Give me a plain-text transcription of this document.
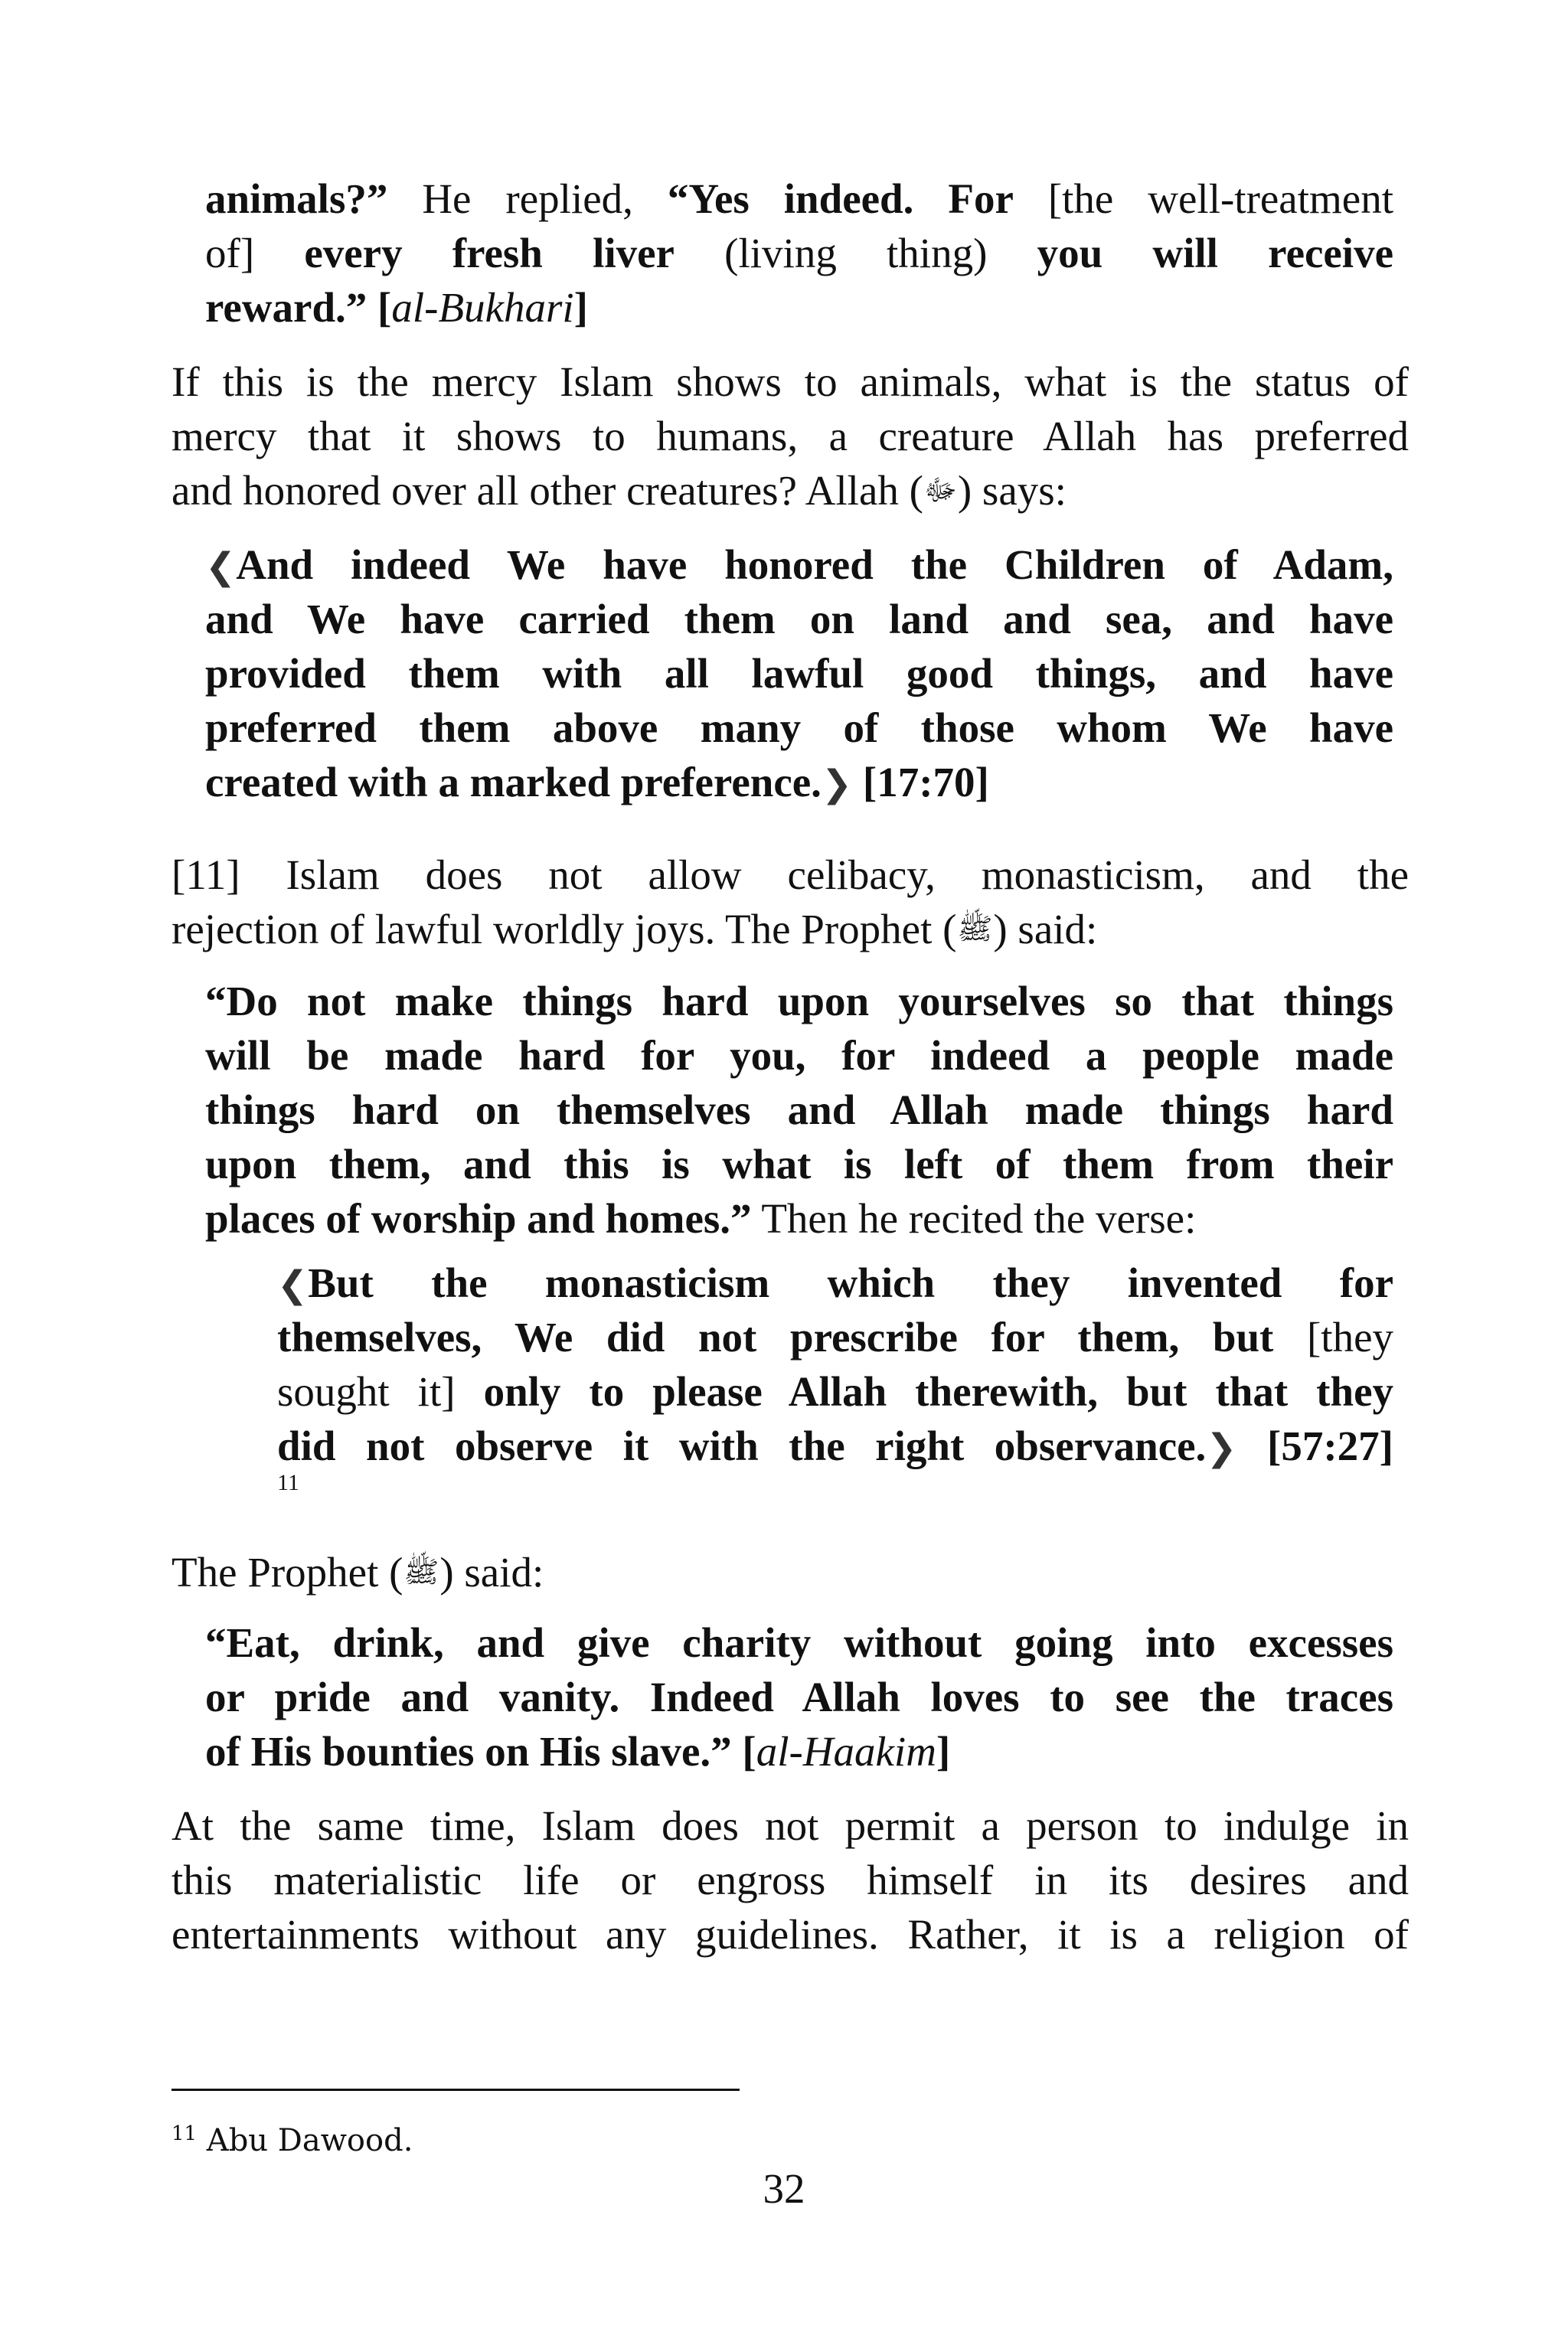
animals?” He replied, “Yes indeed. For [the well-treatment
of] every fresh liver (living thing) you will receive
reward.” [al-Bukhari]
If this is the mercy Islam shows to animals, what is the status of
mercy that it shows to humans, a creature Allah has preferred
and honored over all other creatures? Allah (ﷻ) says:
❮And indeed We have honored the Children of Adam,
and We have carried them on land and sea, and have
provided them with all lawful good things, and have
preferred them above many of those whom We have
created with a marked preference.❯ [17:70]
[11] Islam does not allow celibacy, monasticism, and the
rejection of lawful worldly joys. The Prophet (ﷺ) said:
“Do not make things hard upon yourselves so that things
will be made hard for you, for indeed a people made
things hard on themselves and Allah made things hard
upon them, and this is what is left of them from their
places of worship and homes.” Then he recited the verse:
❮But the monasticism which they invented for
themselves, We did not prescribe for them, but [they
sought it] only to please Allah therewith, but that they
did not observe it with the right observance.❯ [57:27]
11
The Prophet (ﷺ) said:
“Eat, drink, and give charity without going into excesses
or pride and vanity. Indeed Allah loves to see the traces
of His bounties on His slave.” [al-Haakim]
At the same time, Islam does not permit a person to indulge in
this materialistic life or engross himself in its desires and
entertainments without any guidelines. Rather, it is a religion of
$^{11}$ Abu Dawood.
32
